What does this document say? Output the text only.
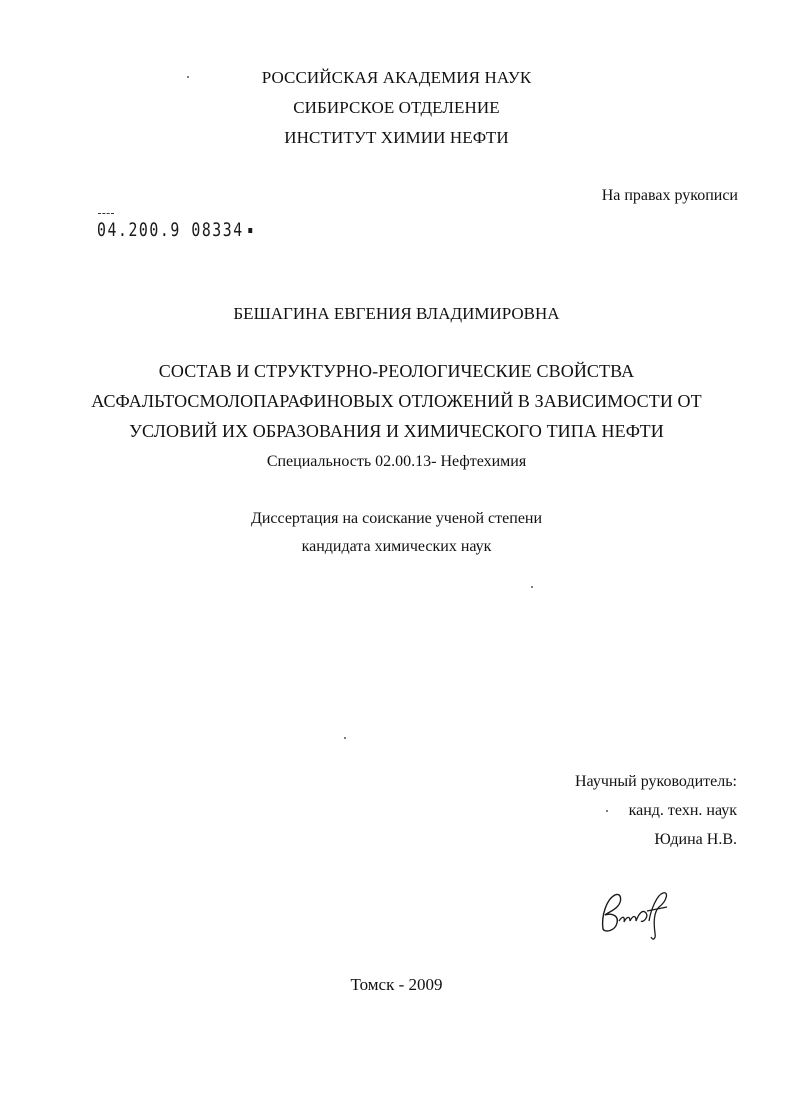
РОССИЙСКАЯ АКАДЕМИЯ НАУК
СИБИРСКОЕ ОТДЕЛЕНИЕ
ИНСТИТУТ ХИМИИ НЕФТИ
На правах рукописи
04.200.9 08334
БЕШАГИНА ЕВГЕНИЯ ВЛАДИМИРОВНА
СОСТАВ И СТРУКТУРНО-РЕОЛОГИЧЕСКИЕ СВОЙСТВА
АСФАЛЬТОСМОЛОПАРАФИНОВЫХ ОТЛОЖЕНИЙ В ЗАВИСИМОСТИ ОТ
УСЛОВИЙ ИХ ОБРАЗОВАНИЯ И ХИМИЧЕСКОГО ТИПА НЕФТИ
Специальность 02.00.13- Нефтехимия
Диссертация на соискание ученой степени
кандидата химических наук
Научный руководитель:
канд. техн. наук
Юдина Н.В.
Томск - 2009
